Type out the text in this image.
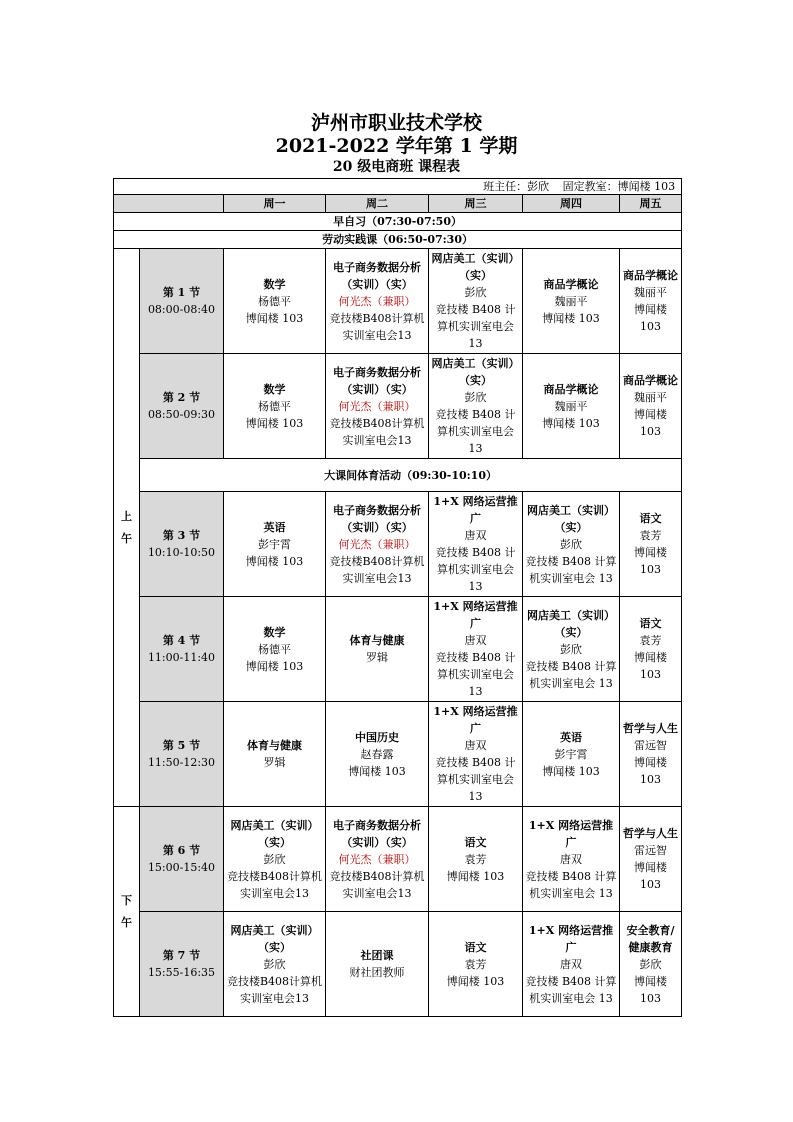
泸州市职业技术学校
2021-2022 学年第 1 学期
20 级电商班 课程表
班主任：彭欣 固定教室：博闻楼 103						
		周一	周二	周三	周四	周五
早自习（07:30-07:50）						
劳动实践课（06:50-07:30）						

上
午	第 1 节
08:00-08:40	数学
杨德平
博闻楼 103	电子商务数据分析（实训）（实）
何光杰（兼职）
竞技楼B408计算机实训室电会13	网店美工（实训）（实）
彭欣
竞技楼 B408 计算机实训室电会 13	商品学概论
魏丽平
博闻楼 103	商品学概论
魏丽平
博闻楼 103

	第 2 节
08:50-09:30	数学
杨德平
博闻楼 103	电子商务数据分析（实训）（实）
何光杰（兼职）
竞技楼B408计算机实训室电会13	网店美工（实训）（实）
彭欣
竞技楼 B408 计算机实训室电会 13	商品学概论
魏丽平
博闻楼 103	商品学概论
魏丽平
博闻楼 103

	大课间体育活动（09:30-10:10）					

	第 3 节
10:10-10:50	英语
彭宇霄
博闻楼 103	电子商务数据分析（实训）（实）
何光杰（兼职）
竞技楼B408计算机实训室电会13	1+X 网络运营推广
唐双
竞技楼 B408 计算机实训室电会 13	网店美工（实训）（实）
彭欣
竞技楼 B408 计算机实训室电会 13	语文
袁芳
博闻楼 103

	第 4 节
11:00-11:40	数学
杨德平
博闻楼 103	体育与健康
罗辑	1+X 网络运营推广
唐双
竞技楼 B408 计算机实训室电会 13	网店美工（实训）（实）
彭欣
竞技楼 B408 计算机实训室电会 13	语文
袁芳
博闻楼 103

	第 5 节
11:50-12:30	体育与健康
罗辑	中国历史
赵春露
博闻楼 103	1+X 网络运营推广
唐双
竞技楼 B408 计算机实训室电会 13	英语
彭宇霄
博闻楼 103	哲学与人生
雷远智
博闻楼 103

下
午	第 6 节
15:00-15:40	网店美工（实训）（实）
彭欣
竞技楼B408计算机实训室电会13	电子商务数据分析（实训）（实）
何光杰（兼职）
竞技楼B408计算机实训室电会13	语文
袁芳
博闻楼 103	1+X 网络运营推广
唐双
竞技楼 B408 计算机实训室电会 13	哲学与人生
雷远智
博闻楼 103

	第 7 节
15:55-16:35	网店美工（实训）（实）
彭欣
竞技楼B408计算机实训室电会13	社团课
财社团教师	语文
袁芳
博闻楼 103	1+X 网络运营推广
唐双
竞技楼 B408 计算机实训室电会 13	安全教育/健康教育
彭欣
博闻楼 103
